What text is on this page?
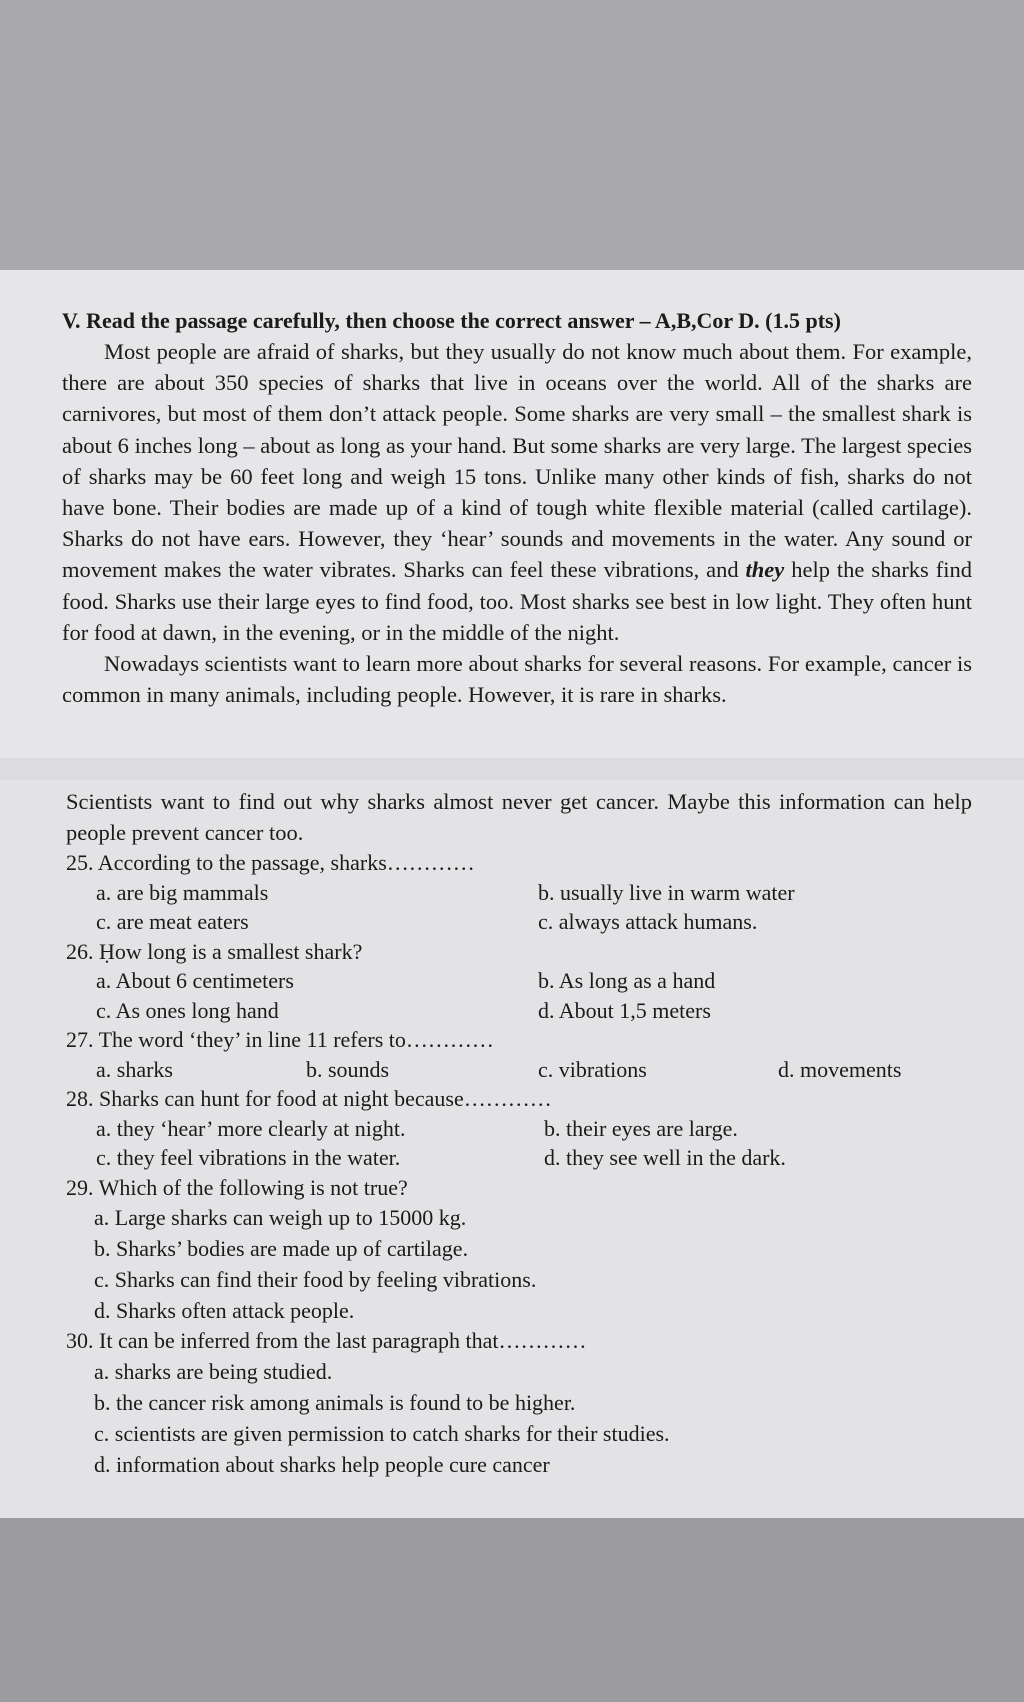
V. Read the passage carefully, then choose the correct answer – A,B,Cor D. (1.5 pts)

Most people are afraid of sharks, but they usually do not know much about them. For example, there are about 350 species of sharks that live in oceans over the world. All of the sharks are carnivores, but most of them don’t attack people. Some sharks are very small – the smallest shark is about 6 inches long – about as long as your hand. But some sharks are very large. The largest species of sharks may be 60 feet long and weigh 15 tons. Unlike many other kinds of fish, sharks do not have bone. Their bodies are made up of a kind of tough white flexible material (called cartilage). Sharks do not have ears. However, they ‘hear’ sounds and movements in the water. Any sound or movement makes the water vibrates. Sharks can feel these vibrations, and they help the sharks find food. Sharks use their large eyes to find food, too. Most sharks see best in low light. They often hunt for food at dawn, in the evening, or in the middle of the night.

Nowadays scientists want to learn more about sharks for several reasons. For example, cancer is common in many animals, including people. However, it is rare in sharks.

Scientists want to find out why sharks almost never get cancer. Maybe this information can help people prevent cancer too.

25. According to the passage, sharks…………

a. are big mammals	b. usually live in warm water
c. are meat eaters	c. always attack humans.

26. Ḥow long is a smallest shark?

a. About 6 centimeters	b. As long as a hand
c. As ones long hand	d. About 1,5 meters

27. The word ‘they’ in line 11 refers to…………

a. sharks	b. sounds	c. vibrations	d. movements

28. Sharks can hunt for food at night because…………

a. they ‘hear’ more clearly at night.	b. their eyes are large.
c. they feel vibrations in the water.	d. they see well in the dark.

29. Which of the following is not true?

a. Large sharks can weigh up to 15000 kg.

b. Sharks’ bodies are made up of cartilage.

c. Sharks can find their food by feeling vibrations.

d. Sharks often attack people.

30. It can be inferred from the last paragraph that…………

a. sharks are being studied.

b. the cancer risk among animals is found to be higher.

c. scientists are given permission to catch sharks for their studies.

d. information about sharks help people cure cancer
